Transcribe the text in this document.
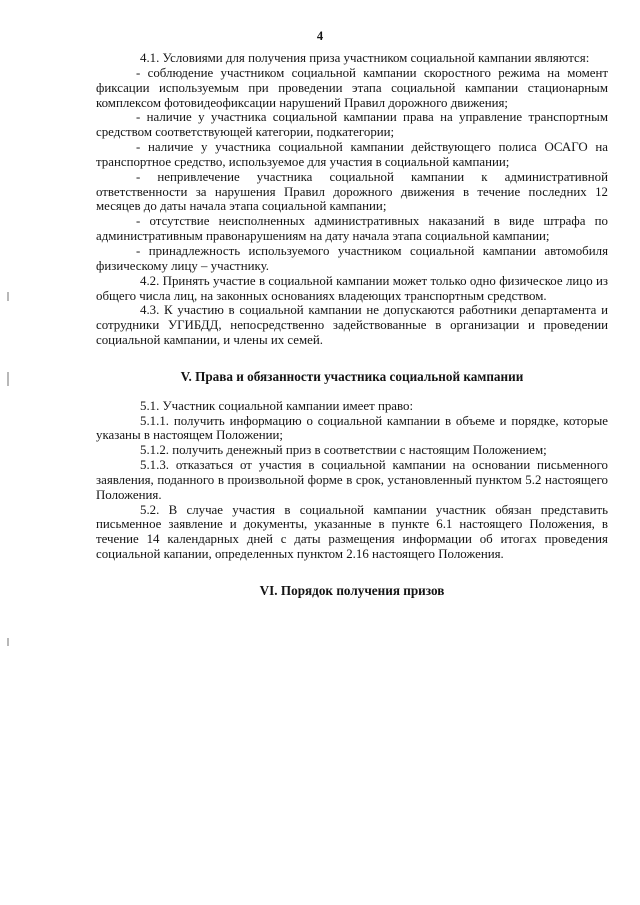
4

4.1. Условиями для получения приза участником социальной кампании являются:

- соблюдение участником социальной кампании скоростного режима на момент фиксации используемым при проведении этапа социальной кампании стационарным комплексом фотовидеофиксации нарушений Правил дорожного движения;

- наличие у участника социальной кампании права на управление транспортным средством соответствующей категории, подкатегории;

- наличие у участника социальной кампании действующего полиса ОСАГО на транспортное средство, используемое для участия в социальной кампании;

- непривлечение участника социальной кампании к административной ответственности за нарушения Правил дорожного движения в течение последних 12 месяцев до даты начала этапа социальной кампании;

- отсутствие неисполненных административных наказаний в виде штрафа по административным правонарушениям на дату начала этапа социальной кампании;

- принадлежность используемого участником социальной кампании автомобиля физическому лицу – участнику.

4.2. Принять участие в социальной кампании может только одно физическое лицо из общего числа лиц, на законных основаниях владеющих транспортным средством.

4.3. К участию в социальной кампании не допускаются работники департамента и сотрудники УГИБДД, непосредственно задействованные в организации и проведении социальной кампании, и члены их семей.

V. Права и обязанности участника социальной кампании

5.1. Участник социальной кампании имеет право:

5.1.1. получить информацию о социальной кампании в объеме и порядке, которые указаны в настоящем Положении;

5.1.2. получить денежный приз в соответствии с настоящим Положением;

5.1.3. отказаться от участия в социальной кампании на основании письменного заявления, поданного в произвольной форме в срок, установленный пунктом 5.2 настоящего Положения.

5.2. В случае участия в социальной кампании участник обязан представить письменное заявление и документы, указанные в пункте 6.1 настоящего Положения, в течение 14 календарных дней с даты размещения информации об итогах проведения социальной капании, определенных пунктом 2.16 настоящего Положения.

VI. Порядок получения призов
